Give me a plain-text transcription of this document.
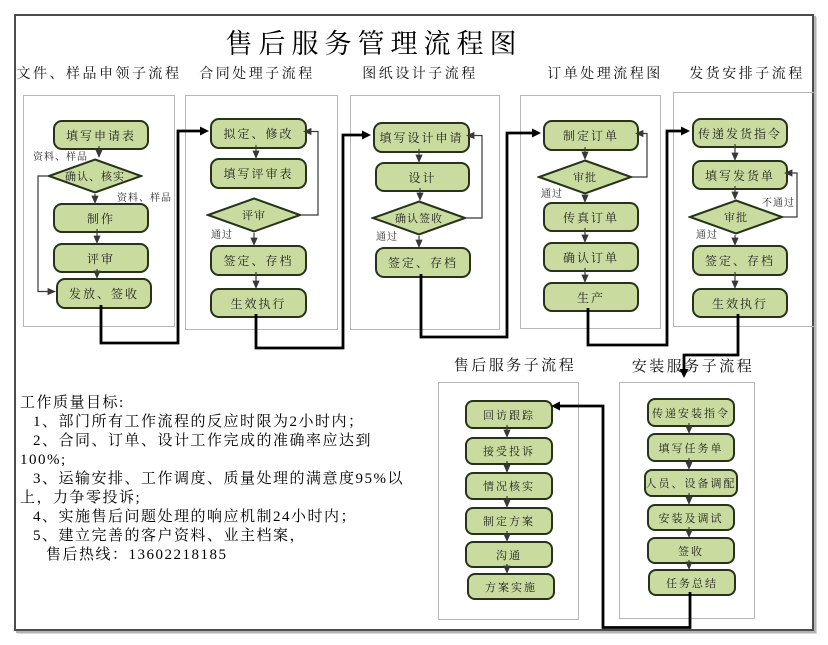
售后服务管理流程图
文件、样品申领子流程 合同处理子流程	图纸设计子流程	订单处理流程图 发货安排子流程
售后服务子流程	安装服务子流程
填写申请表
确认、核实
制作
评审
发放、签收
资料、样品
资料、样品
拟定、修改
填写评审表
评审
签定、存档
生效执行
通过
填写设计申请
设计
确认签收
签定、存档
通过
制定订单
审批
传真订单
确认订单
生产
通过
传递发货指令
填写发货单
审批
签定、存档
生效执行
通过
不通过
回访跟踪
接受投诉
情况核实
制定方案
沟通
方案实施
传递安装指令
填写任务单
人员、设备调配
安装及调试
签收
任务总结
工作质量目标:
1、部门所有工作流程的反应时限为2小时内；
2、合同、订单、设计工作完成的准确率应达到
100%;
3、运输安排、工作调度、质量处理的满意度95%以
上，力争零投诉;
4、实施售后问题处理的响应机制24小时内；
5、建立完善的客户资料、业主档案，
售后热线：13602218185
